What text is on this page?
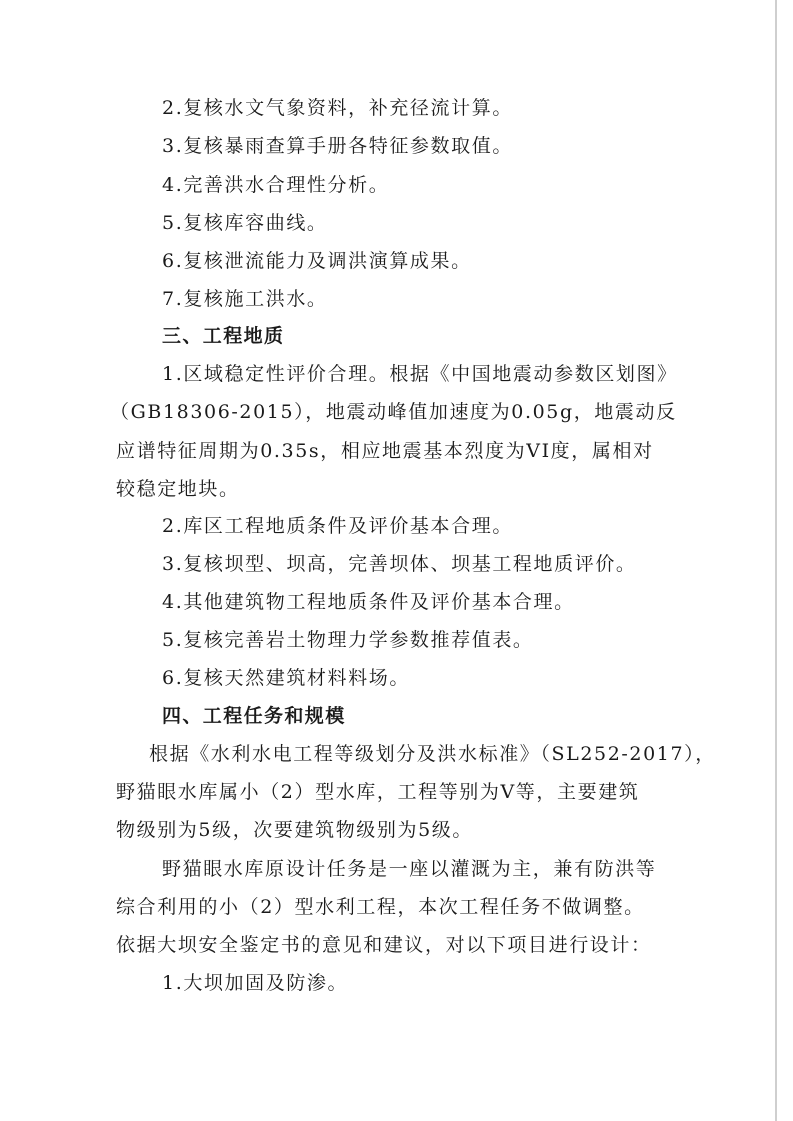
2.复核水文气象资料，补充径流计算。
3.复核暴雨查算手册各特征参数取值。
4.完善洪水合理性分析。
5.复核库容曲线。
6.复核泄流能力及调洪演算成果。
7.复核施工洪水。
三、工程地质
1.区域稳定性评价合理。根据《中国地震动参数区划图》
（GB18306-2015），地震动峰值加速度为0.05g，地震动反
应谱特征周期为0.35s，相应地震基本烈度为VI度，属相对
较稳定地块。
2.库区工程地质条件及评价基本合理。
3.复核坝型、坝高，完善坝体、坝基工程地质评价。
4.其他建筑物工程地质条件及评价基本合理。
5.复核完善岩土物理力学参数推荐值表。
6.复核天然建筑材料料场。
四、工程任务和规模
根据《水利水电工程等级划分及洪水标准》（SL252-2017），
野猫眼水库属小（2）型水库，工程等别为V等，主要建筑
物级别为5级，次要建筑物级别为5级。
野猫眼水库原设计任务是一座以灌溉为主，兼有防洪等
综合利用的小（2）型水利工程，本次工程任务不做调整。
依据大坝安全鉴定书的意见和建议，对以下项目进行设计：
1.大坝加固及防渗。
